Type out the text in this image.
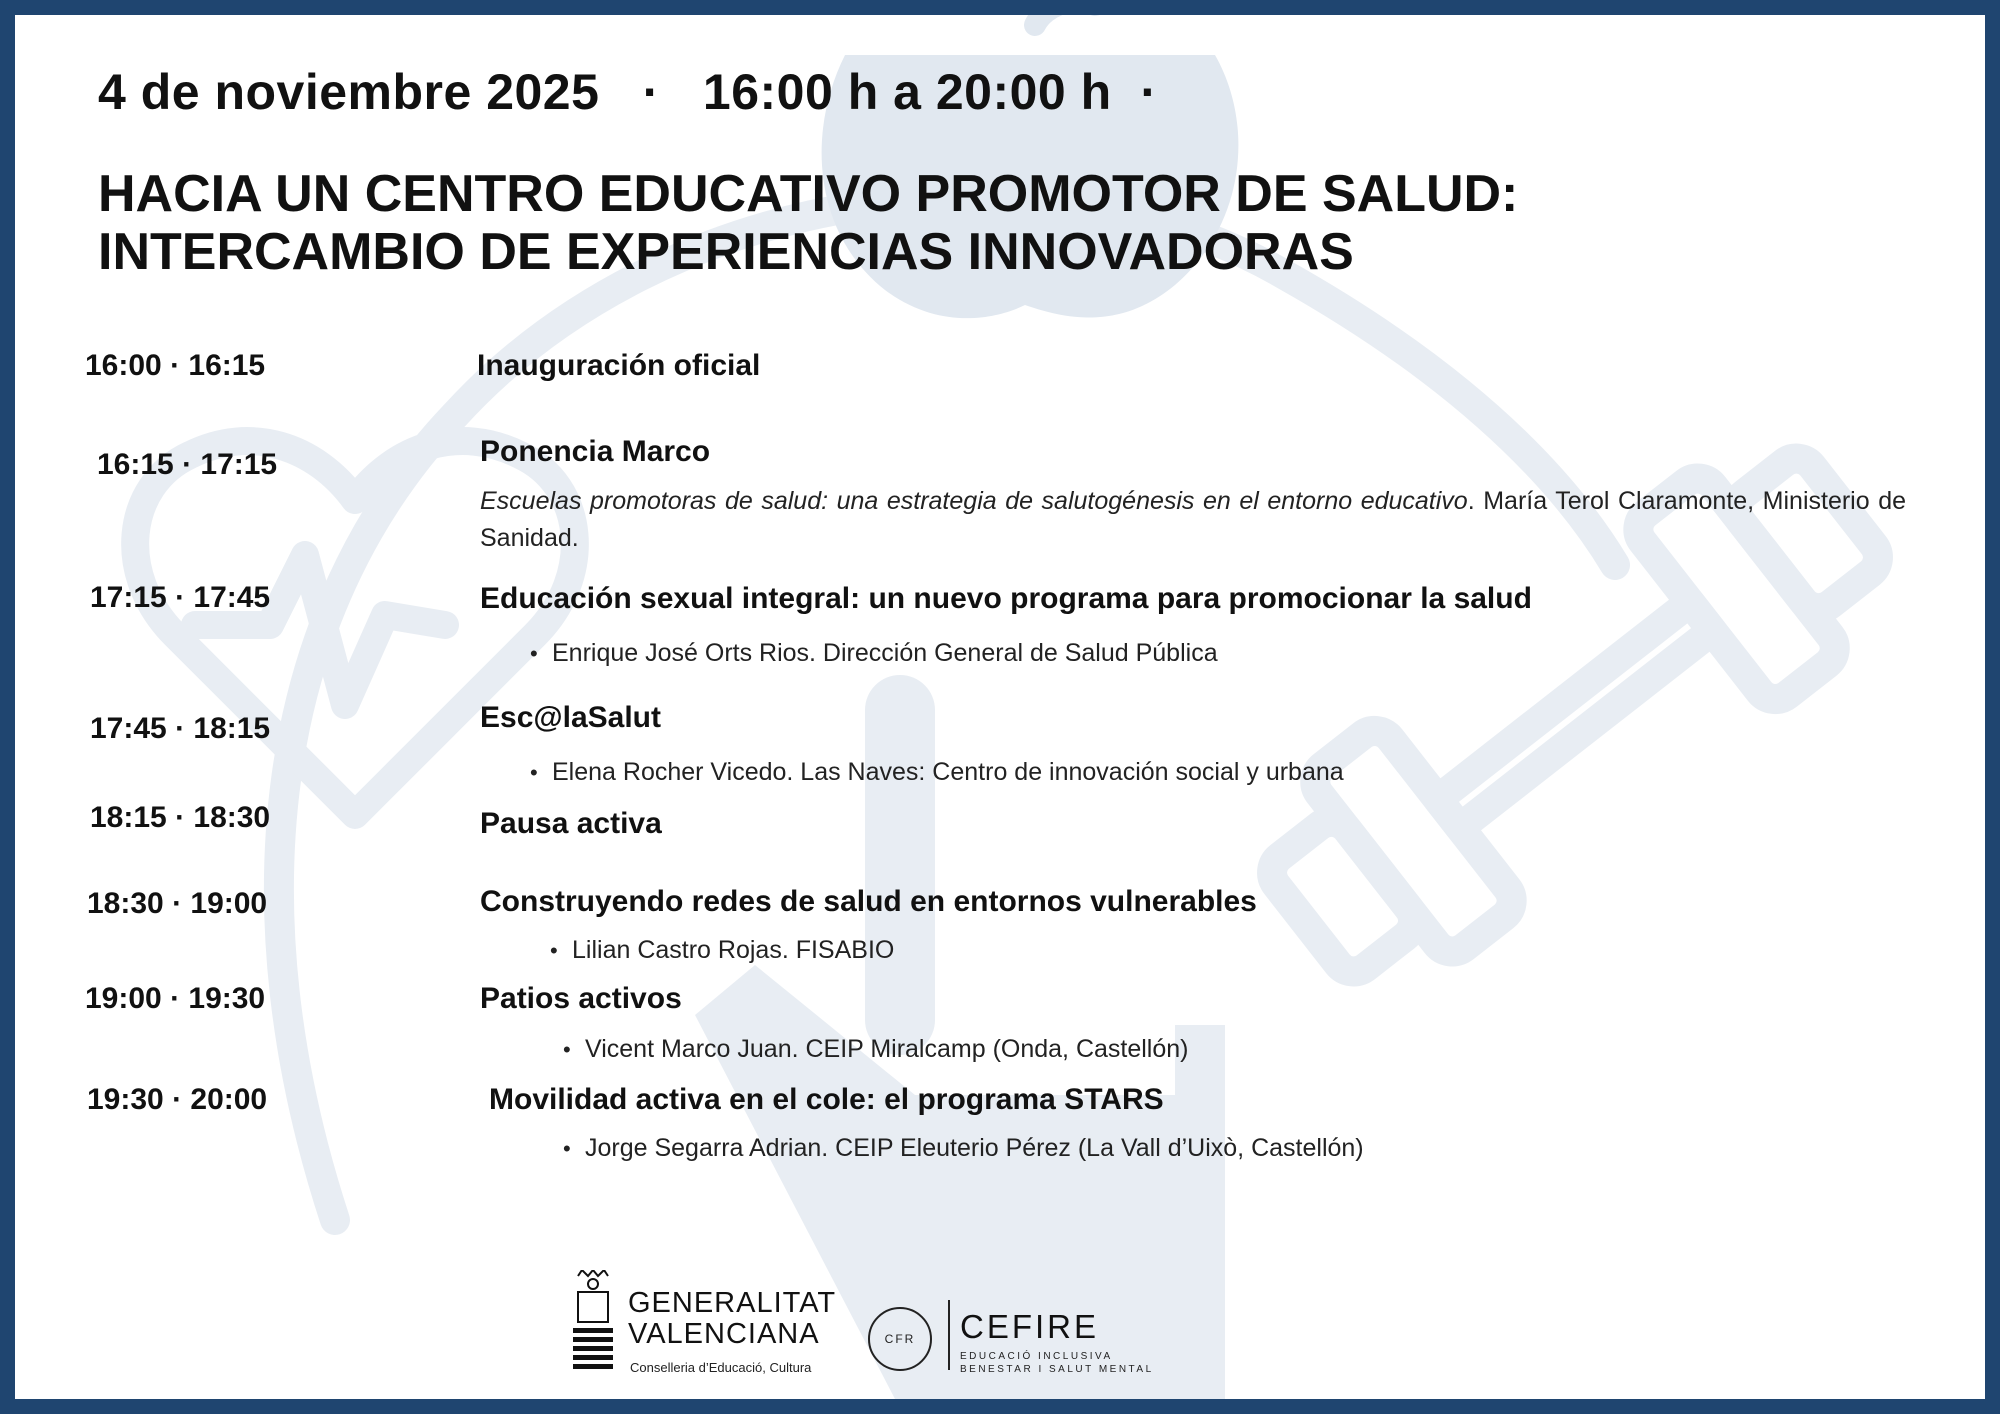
4 de noviembre 2025   ·   16:00 h a 20:00 h  ·
HACIA UN CENTRO EDUCATIVO PROMOTOR DE SALUD:
INTERCAMBIO DE EXPERIENCIAS INNOVADORAS
16:00 · 16:15	Inauguración oficial
16:15 · 17:15	Ponencia Marco
Escuelas promotoras de salud: una estrategia de salutogénesis en el entorno educativo. María Terol Claramonte, Ministerio de Sanidad.
17:15 · 17:45	Educación sexual integral: un nuevo programa para promocionar la salud
• Enrique José Orts Rios. Dirección General de Salud Pública
17:45 · 18:15	Esc@laSalut
• Elena Rocher Vicedo. Las Naves: Centro de innovación social y urbana
18:15 · 18:30	Pausa activa
18:30 · 19:00	Construyendo redes de salud en entornos vulnerables
• Lilian Castro Rojas. FISABIO
19:00 · 19:30	Patios activos
• Vicent Marco Juan. CEIP Miralcamp (Onda, Castellón)
19:30 · 20:00	Movilidad activa en el cole: el programa STARS
• Jorge Segarra Adrian. CEIP Eleuterio Pérez (La Vall d’Uixò, Castellón)
GENERALITAT
VALENCIANA
Conselleria d’Educació, Cultura
CFR	CEFIRE
EDUCACIÓ INCLUSIVA
BENESTAR I SALUT MENTAL
